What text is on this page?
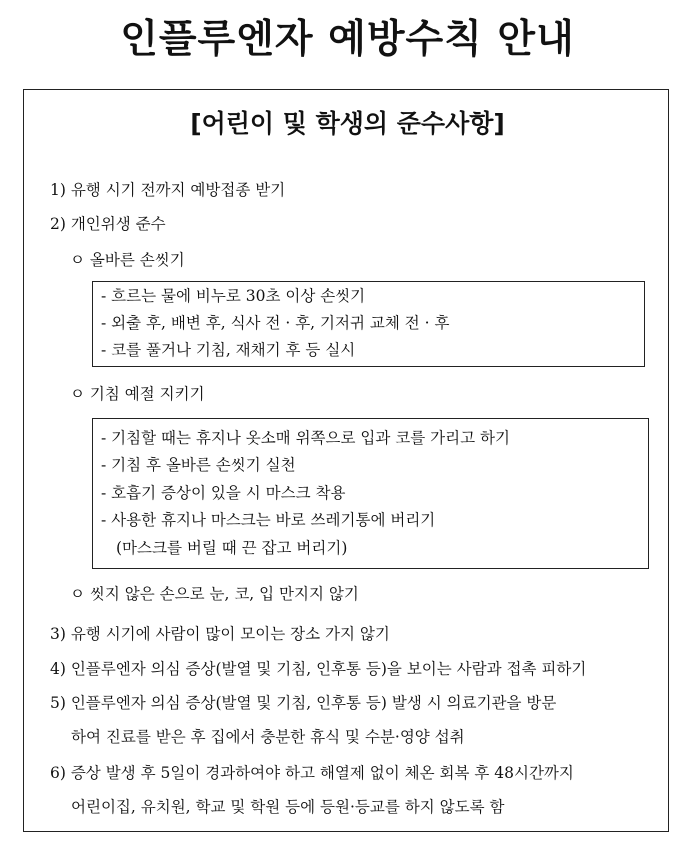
인플루엔자 예방수칙 안내
[어린이 및 학생의 준수사항]
1) 유행 시기 전까지 예방접종 받기
2) 개인위생 준수
ㅇ 올바른 손씻기
- 흐르는 물에 비누로 30초 이상 손씻기
- 외출 후, 배변 후, 식사 전 · 후, 기저귀 교체 전 · 후
- 코를 풀거나 기침, 재채기 후 등 실시
ㅇ 기침 예절 지키기
- 기침할 때는 휴지나 옷소매 위쪽으로 입과 코를 가리고 하기
- 기침 후 올바른 손씻기 실천
- 호흡기 증상이 있을 시 마스크 착용
- 사용한 휴지나 마스크는 바로 쓰레기통에 버리기
(마스크를 버릴 때 끈 잡고 버리기)
ㅇ 씻지 않은 손으로 눈, 코, 입 만지지 않기
3) 유행 시기에 사람이 많이 모이는 장소 가지 않기
4) 인플루엔자 의심 증상(발열 및 기침, 인후통 등)을 보이는 사람과 접촉 피하기
5) 인플루엔자 의심 증상(발열 및 기침, 인후통 등) 발생 시 의료기관을 방문
하여 진료를 받은 후 집에서 충분한 휴식 및 수분·영양 섭취
6) 증상 발생 후 5일이 경과하여야 하고 해열제 없이 체온 회복 후 48시간까지
어린이집, 유치원, 학교 및 학원 등에 등원·등교를 하지 않도록 함
